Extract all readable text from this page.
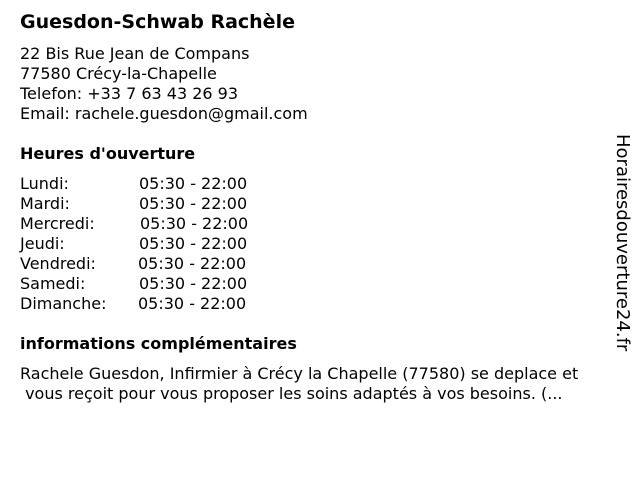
Guesdon-Schwab Rachèle
22 Bis Rue Jean de Compans
77580 Crécy-la-Chapelle
Telefon: +33 7 63 43 26 93
Email: rachele.guesdon@gmail.com
Heures d'ouverture
Lundi:	05:30 - 22:00
Mardi:	05:30 - 22:00
Mercredi:	05:30 - 22:00
Jeudi:	05:30 - 22:00
Vendredi:	05:30 - 22:00
Samedi:	05:30 - 22:00
Dimanche: 05:30 - 22:00
informations complémentaires
Rachele Guesdon, Infirmier à Crécy la Chapelle (77580) se deplace et
vous reçoit pour vous proposer les soins adaptés à vos besoins. (...
Horairesdouverture24.fr
